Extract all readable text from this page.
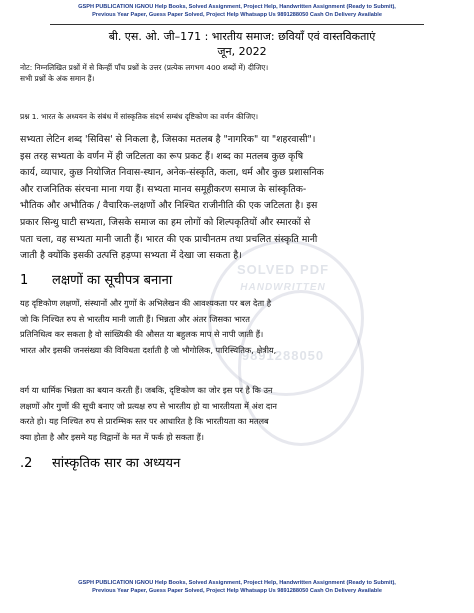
GSPH PUBLICATION IGNOU Help Books, Solved Assignment, Project Help, Handwritten Assignment (Ready to Submit),
Previous Year Paper, Guess Paper Solved, Project Help Whatsapp Us 9891288050 Cash On Delivery Available
SOLVED PDF
HANDWRITTEN
9891288050
बी. एस. ओ. जी–171 : भारतीय समाज: छवियाँ एवं वास्तविकताएं
जून, 2022
नोट: निम्नलिखित प्रश्नों में से किन्हीं पाँच प्रश्नों के उत्तर (प्रत्येक लगभग 400 शब्दों में) दीजिए।
सभी प्रश्नों के अंक समान हैं।
प्रश्न 1. भारत के अध्ययन के संबंध में सांस्कृतिक संदर्भ सम्बंध दृष्टिकोण का वर्णन कीजिए।
सभ्यता लेटिन शब्द 'सिविस' से निकला है, जिसका मतलब है "नागरिक" या "शहरवासी"।
इस तरह सभ्यता के वर्णन में ही जटिलता का रूप प्रकट हैं। शब्द का मतलब कुछ कृषि
कार्य, व्यापार, कुछ नियोजित निवास-स्थान, अनेक-संस्कृति, कला, धर्म और कुछ प्रशासनिक
और राजनितिक संरचना माना गया हैं। सभ्यता मानव समूहीकरण समाज के सांस्कृतिक-
भौतिक और अभौतिक / वैचारिक-लक्षणों और निश्चित राजीनीति की एक जटिलता है। इस
प्रकार सिन्धु घाटी सभ्यता, जिसके समाज का हम लोगों को शिल्पकृतियों और स्मारकों से
पता चला, वह सभ्यता मानी जाती हैं। भारत की एक प्राचीनतम तथा प्रचलित संस्कृति मानी
जाती है क्योंकि इसकी उत्पत्ति हड़प्पा सभ्यता में देखा जा सकता है।
1 लक्षणों का सूचीपत्र बनाना
यह दृष्टिकोण लक्षणों, संस्थानों और गुणों के अभिलेखन की आवश्यकता पर बल देता है
जो कि निश्चित रुप से भारतीय मानी जाती हैं। भिन्नता और अंतर जिसका भारत
प्रतिनिधित्व कर सकता है वो सांख्यिकी की औसत या बहुलक माप से नापी जाती हैं।
भारत और इसकी जनसंख्या की विविधता दर्शाती है जो भौगोलिक, पारिस्थितिक, क्षेत्रीय,
वर्ग या धार्मिक भिन्नता का बयान करती हैं। जबकि, दृष्टिकोण का जोर इस पर है कि उन
लक्षणों और गुणों की सूची बनाए जो प्रत्यक्ष रुप से भारतीय हो या भारतीयता में अंश दान
करते हो। यह निश्चित रुप से प्रारम्भिक स्तर पर आधारित है कि भारतीयता का मतलब
क्या होता है और इसमे यह विद्वानों के मत में फर्क हो सकता हैं।
.2 सांस्कृतिक सार का अध्ययन
GSPH PUBLICATION IGNOU Help Books, Solved Assignment, Project Help, Handwritten Assignment (Ready to Submit),
Previous Year Paper, Guess Paper Solved, Project Help Whatsapp Us 9891288050 Cash On Delivery Available
